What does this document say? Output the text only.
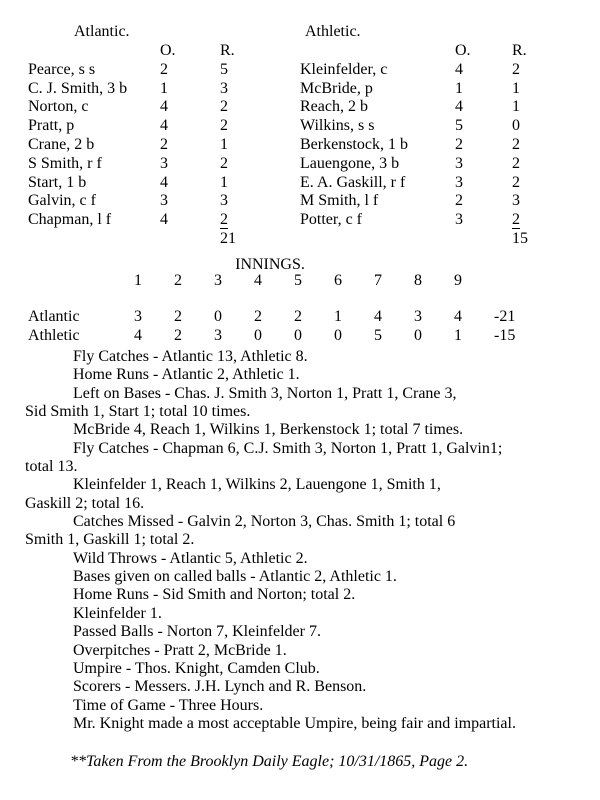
Atlantic.	Athletic.
	O.	R.
Pearce, s s	2	5
C. J. Smith, 3 b	1	3
Norton, c	4	2
Pratt, p	4	2
Crane, 2 b	2	1
S Smith, r f	3	2
Start, 1 b	4	1
Galvin, c f	3	3
Chapman, l f	4	2
		21
	O.	R.
Kleinfelder, c	4	2
McBride, p	1	1
Reach, 2 b	4	1
Wilkins, s s	5	0
Berkenstock, 1 b	2	2
Lauengone, 3 b	3	2
E. A. Gaskill, r f	3	2
M Smith, l f	2	3
Potter, c f	3	2
		15
INNINGS.
	1	2	3	4	5	6	7	8	9	

Atlantic	3	2	0	2	2	1	4	3	4	-21
Athletic	4	2	3	0	0	0	5	0	1	-15
Fly Catches - Atlantic 13, Athletic 8.
Home Runs - Atlantic 2, Athletic 1.
Left on Bases - Chas. J. Smith 3, Norton 1, Pratt 1, Crane 3,
Sid Smith 1, Start 1; total 10 times.
McBride 4, Reach 1, Wilkins 1, Berkenstock 1; total 7 times.
Fly Catches - Chapman 6, C.J. Smith 3, Norton 1, Pratt 1, Galvin1;
total 13.
Kleinfelder 1, Reach 1, Wilkins 2, Lauengone 1, Smith 1,
Gaskill 2; total 16.
Catches Missed - Galvin 2, Norton 3, Chas. Smith 1; total 6
Smith 1, Gaskill 1; total 2.
Wild Throws - Atlantic 5, Athletic 2.
Bases given on called balls - Atlantic 2, Athletic 1.
Home Runs - Sid Smith and Norton; total 2.
Kleinfelder 1.
Passed Balls - Norton 7, Kleinfelder 7.
Overpitches - Pratt 2, McBride 1.
Umpire - Thos. Knight, Camden Club.
Scorers - Messers. J.H. Lynch and R. Benson.
Time of Game - Three Hours.
Mr. Knight made a most acceptable Umpire, being fair and impartial.
**Taken From the Brooklyn Daily Eagle; 10/31/1865, Page 2.
